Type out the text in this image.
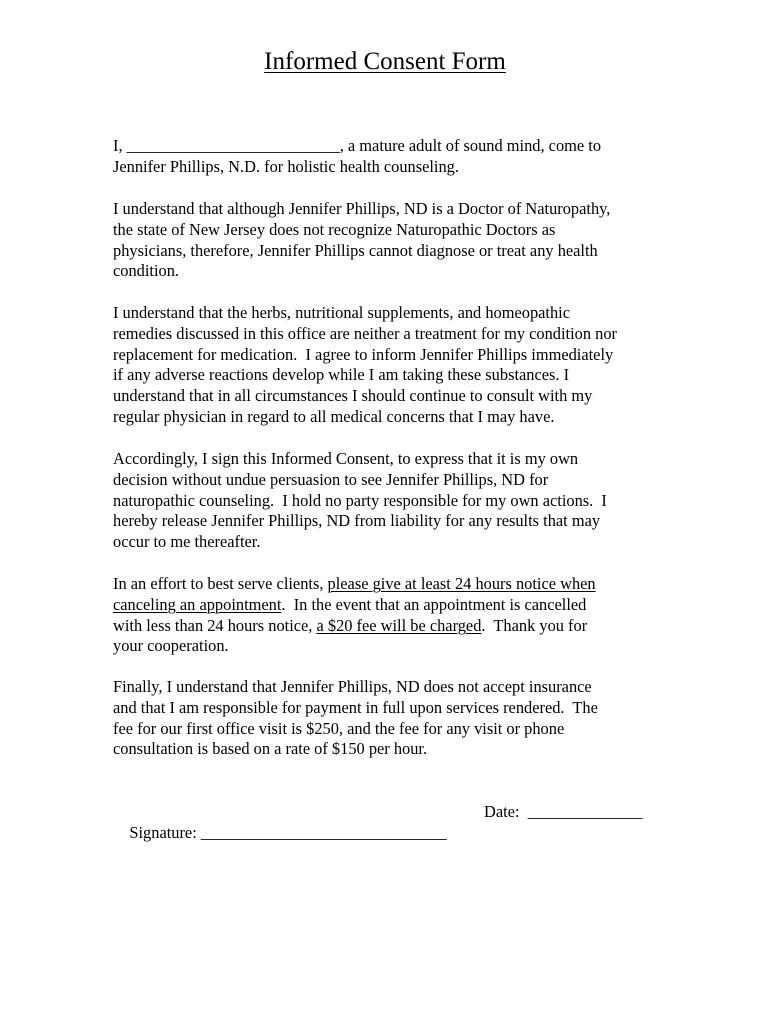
Informed Consent Form

I, __________________________, a mature adult of sound mind, come to
Jennifer Phillips, N.D. for holistic health counseling.

I understand that although Jennifer Phillips, ND is a Doctor of Naturopathy,
the state of New Jersey does not recognize Naturopathic Doctors as
physicians, therefore, Jennifer Phillips cannot diagnose or treat any health
condition.

I understand that the herbs, nutritional supplements, and homeopathic
remedies discussed in this office are neither a treatment for my condition nor
replacement for medication.  I agree to inform Jennifer Phillips immediately
if any adverse reactions develop while I am taking these substances. I
understand that in all circumstances I should continue to consult with my
regular physician in regard to all medical concerns that I may have.

Accordingly, I sign this Informed Consent, to express that it is my own
decision without undue persuasion to see Jennifer Phillips, ND for
naturopathic counseling.  I hold no party responsible for my own actions.  I
hereby release Jennifer Phillips, ND from liability for any results that may
occur to me thereafter.

In an effort to best serve clients, please give at least 24 hours notice when
canceling an appointment.  In the event that an appointment is cancelled
with less than 24 hours notice, a $20 fee will be charged.  Thank you for
your cooperation.

Finally, I understand that Jennifer Phillips, ND does not accept insurance
and that I am responsible for payment in full upon services rendered.  The
fee for our first office visit is $250, and the fee for any visit or phone
consultation is based on a rate of $150 per hour.

Signature: ______________________________

Date:  ______________
